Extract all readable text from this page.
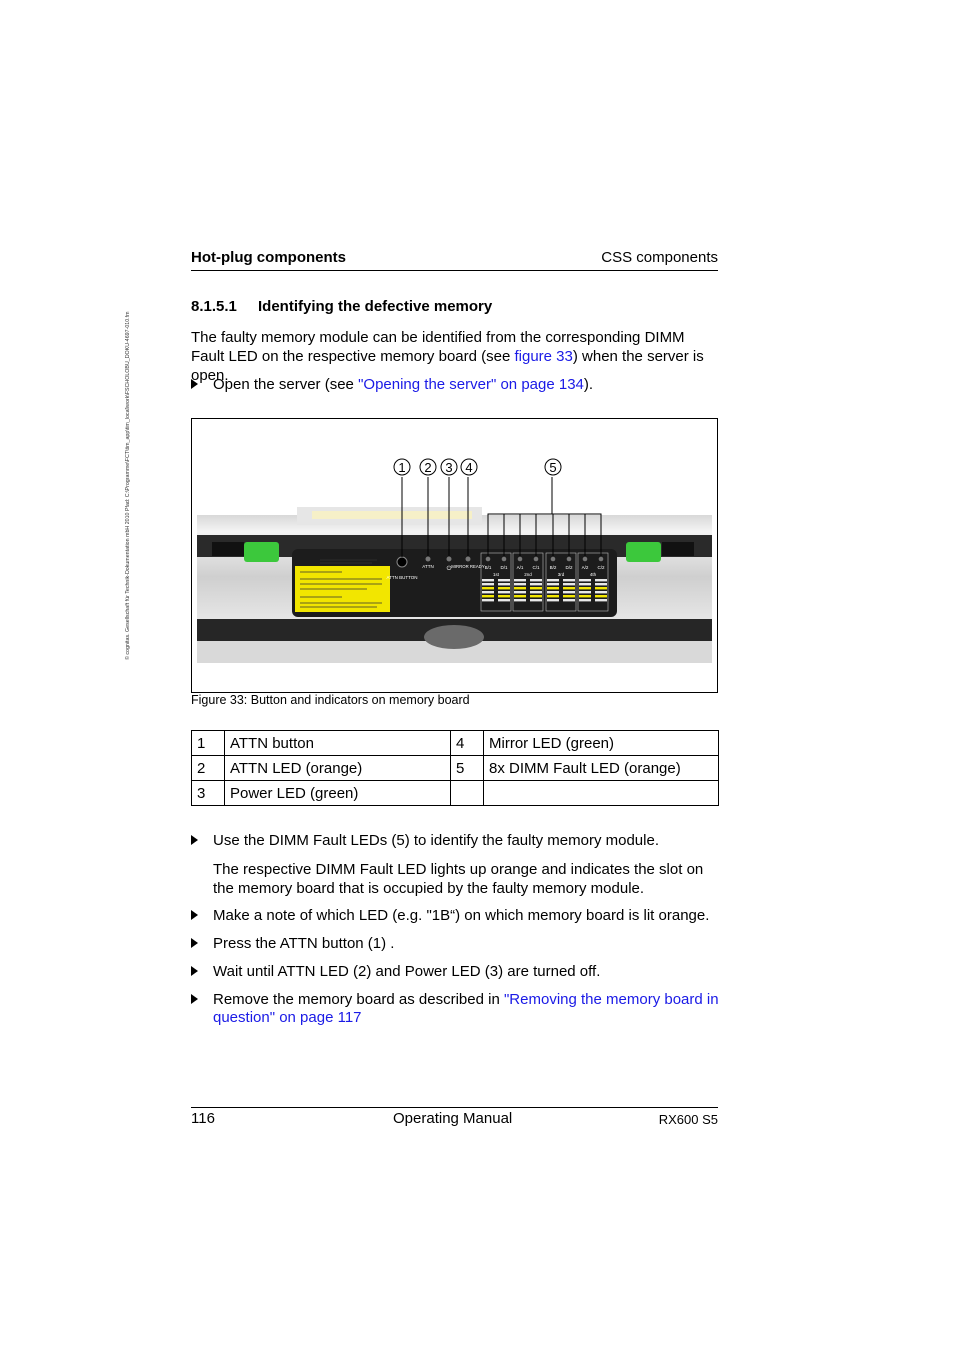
© cognitas. Gesellschaft für Technik-Dokumentation mbH 2010 Pfad: C:\Programme\FCT\tim_app\tim_local\work\FSCHOLOBU_DOKU-4697-010.fm
Hot-plug components	CSS components
8.1.5.1 Identifying the defective memory
The faulty memory module can be identified from the corresponding DIMM Fault LED on the respective memory board (see figure 33) when the server is open.
Open the server (see "Opening the server" on page 134).
ATTN BUTTON
ATTN ⏻ MIRROR READY B/1 D/1 A/1 C/1 B/2 D/2 A/2 C/2
1st	2nd	3rd	4th
1 2 3 4	5
Figure 33: Button and indicators on memory board
1	ATTN button	4	Mirror LED (green)
2	ATTN LED (orange)	5	8x DIMM Fault LED (orange)
3	Power LED (green)		
Use the DIMM Fault LEDs (5) to identify the faulty memory module.
The respective DIMM Fault LED lights up orange and indicates the slot on the memory board that is occupied by the faulty memory module.
Make a note of which LED (e.g. "1B“) on which memory board is lit orange.
Press the ATTN button (1) .
Wait until ATTN LED (2) and Power LED (3) are turned off.
Remove the memory board as described in "Removing the memory board in question" on page 117
116	Operating Manual	RX600 S5
